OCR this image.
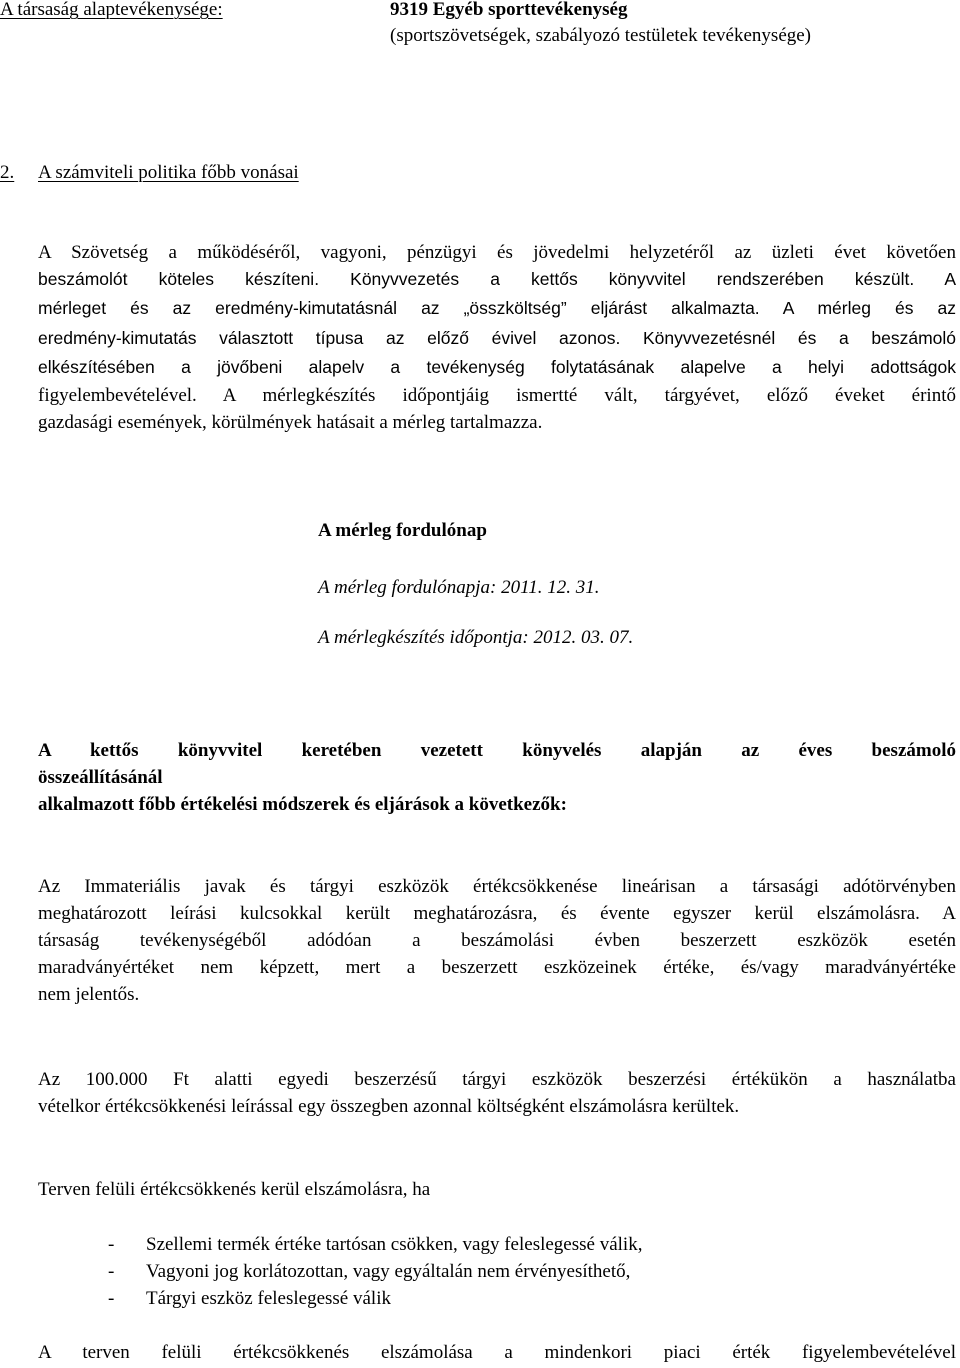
A társaság alaptevékenysége:	9319 Egyéb sporttevékenység
(sportszövetségek, szabályozó testületek tevékenysége)
2. A számviteli politika főbb vonásai
A Szövetség a működéséről, vagyoni, pénzügyi és jövedelmi helyzetéről az üzleti évet követően
beszámolót köteles készíteni. Könyvvezetés a kettős könyvvitel rendszerében készült. A
mérleget és az eredmény-kimutatásnál az „összköltség” eljárást alkalmazta. A mérleg és az
eredmény-kimutatás választott típusa az előző évivel azonos. Könyvvezetésnél és a beszámoló
elkészítésében a jövőbeni alapelv a tevékenység folytatásának alapelve a helyi adottságok
figyelembevételével. A mérlegkészítés időpontjáig ismertté vált, tárgyévet, előző éveket érintő
gazdasági események, körülmények hatásait a mérleg tartalmazza.
A mérleg fordulónap
A mérleg fordulónapja: 2011. 12. 31.
A mérlegkészítés időpontja: 2012. 03. 07.
A kettős könyvvitel keretében vezetett könyvelés alapján az éves beszámoló
összeállításánál
alkalmazott főbb értékelési módszerek és eljárások a következők:
Az Immateriális javak és tárgyi eszközök értékcsökkenése lineárisan a társasági adótörvényben
meghatározott leírási kulcsokkal került meghatározásra, és évente egyszer kerül elszámolásra. A
társaság tevékenységéből adódóan a beszámolási évben beszerzett eszközök esetén
maradványértéket nem képzett, mert a beszerzett eszközeinek értéke, és/vagy maradványértéke
nem jelentős.
Az 100.000 Ft alatti egyedi beszerzésű tárgyi eszközök beszerzési értékükön a használatba
vételkor értékcsökkenési leírással egy összegben azonnal költségként elszámolásra kerültek.
Terven felüli értékcsökkenés kerül elszámolásra, ha
- Szellemi termék értéke tartósan csökken, vagy feleslegessé válik,
- Vagyoni jog korlátozottan, vagy egyáltalán nem érvényesíthető,
- Tárgyi eszköz feleslegessé válik
A terven felüli értékcsökkenés elszámolása a mindenkori piaci érték figyelembevételével
